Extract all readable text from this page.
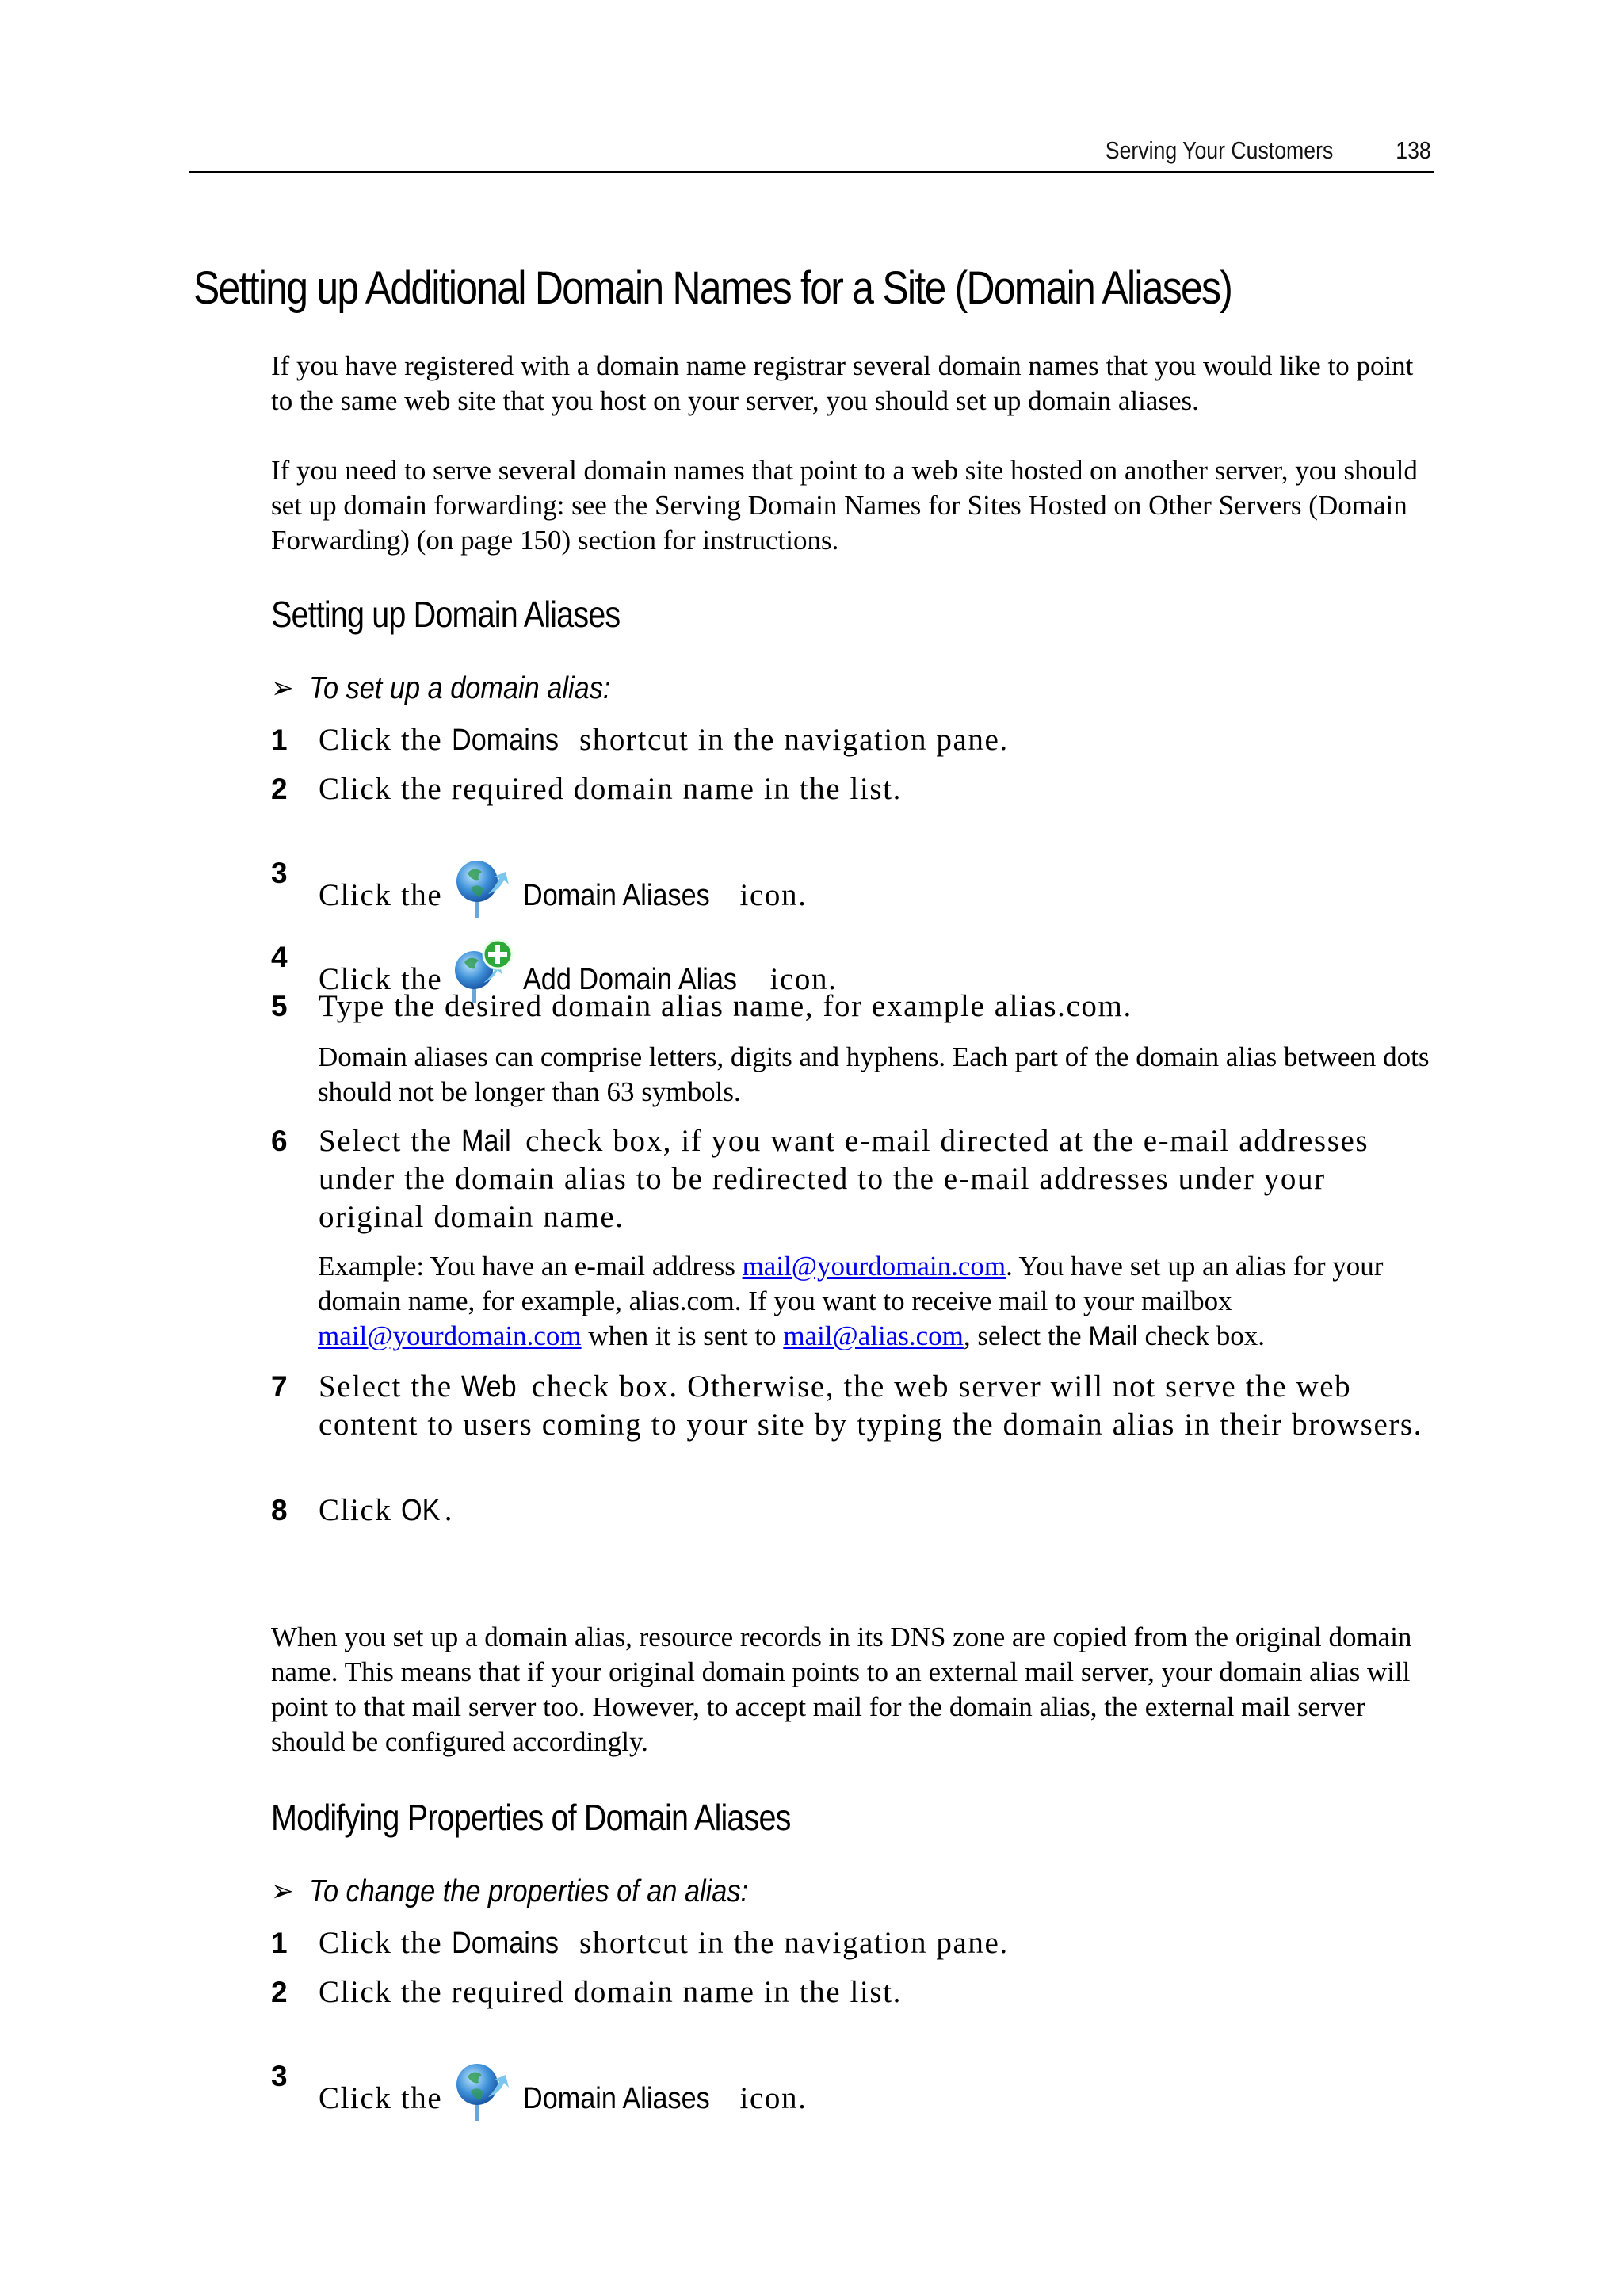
Serving Your Customers	138
Setting up Additional Domain Names for a Site (Domain Aliases)
If you have registered with a domain name registrar several domain names that you would like to point to the same web site that you host on your server, you should set up domain aliases.
If you need to serve several domain names that point to a web site hosted on another server, you should set up domain forwarding: see the Serving Domain Names for Sites Hosted on Other Servers (Domain Forwarding) (on page 150) section for instructions.
Setting up Domain Aliases
➢ To set up a domain alias:
1	Click the Domains shortcut in the navigation pane.
2	Click the required domain name in the list.
3
Click the	Domain Aliases icon.
4
Click the	Add Domain Alias icon.
5	Type the desired domain alias name, for example alias.com.
Domain aliases can comprise letters, digits and hyphens. Each part of the domain alias between dots should not be longer than 63 symbols.
6	Select the Mail check box, if you want e-mail directed at the e-mail addresses under the domain alias to be redirected to the e-mail addresses under your original domain name.
Example: You have an e-mail address mail@yourdomain.com. You have set up an alias for your domain name, for example, alias.com. If you want to receive mail to your mailbox mail@yourdomain.com when it is sent to mail@alias.com, select the Mail check box.
7	Select the Web check box. Otherwise, the web server will not serve the web content to users coming to your site by typing the domain alias in their browsers.
8	Click OK .
When you set up a domain alias, resource records in its DNS zone are copied from the original domain name. This means that if your original domain points to an external mail server, your domain alias will point to that mail server too. However, to accept mail for the domain alias, the external mail server should be configured accordingly.
Modifying Properties of Domain Aliases
➢ To change the properties of an alias:
1	Click the Domains shortcut in the navigation pane.
2	Click the required domain name in the list.
3
Click the	Domain Aliases icon.
